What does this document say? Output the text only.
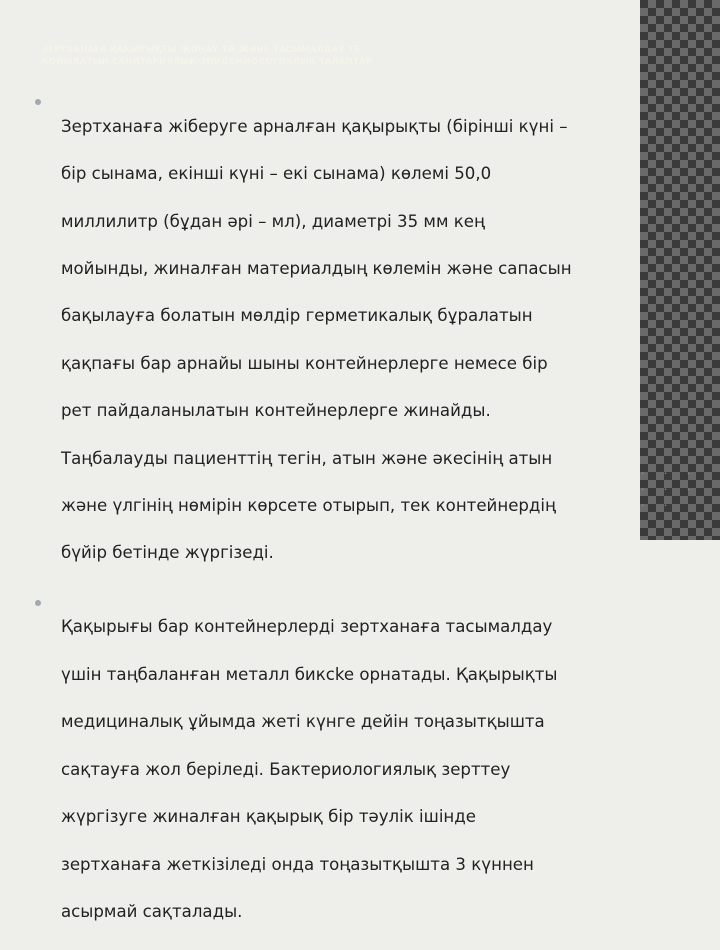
ЗЕРТХАНАҒА ҚАҚЫРЫҚТЫ ЖОНАУ ТӘ ЖӘНЕ ТАСЫМАЛДАУ ТЕ
ҚОЙЫЛАТЫН САНИТАРИЯЛЫҚ-ЭПИДЕМИОЛОГИЯЛЫҚ ТАЛАПТАР

Зертханаға жіберуге арналған қақырықты (бірінші күні –

бір сынама, екінші күні – екі сынама) көлемі 50,0

миллилитр (бұдан әрі – мл), диаметрі 35 мм кең

мойынды, жиналған материалдың көлемін және сапасын

бақылауға болатын мөлдір герметикалық бұралатын

қақпағы бар арнайы шыны контейнерлерге немесе бір

рет пайдаланылатын контейнерлерге жинайды.

Таңбалауды пациенттің тегін, атын және әкесінің атын

және үлгінің нөмірін көрсете отырып, тек контейнердің

бүйір бетінде жүргізеді.

Қақырығы бар контейнерлерді зертханаға тасымалдау

үшін таңбаланған металл биксke орнатады. Қақырықты

медициналық ұйымда жеті күнге дейін тоңазытқышта

сақтауға жол беріледі. Бактериологиялық зерттеу

жүргізуге жиналған қақырық бір тәулік ішінде

зертханаға жеткізіледі онда тоңазытқышта 3 күннен

асырмай сақталады.

. . . . . . . .
